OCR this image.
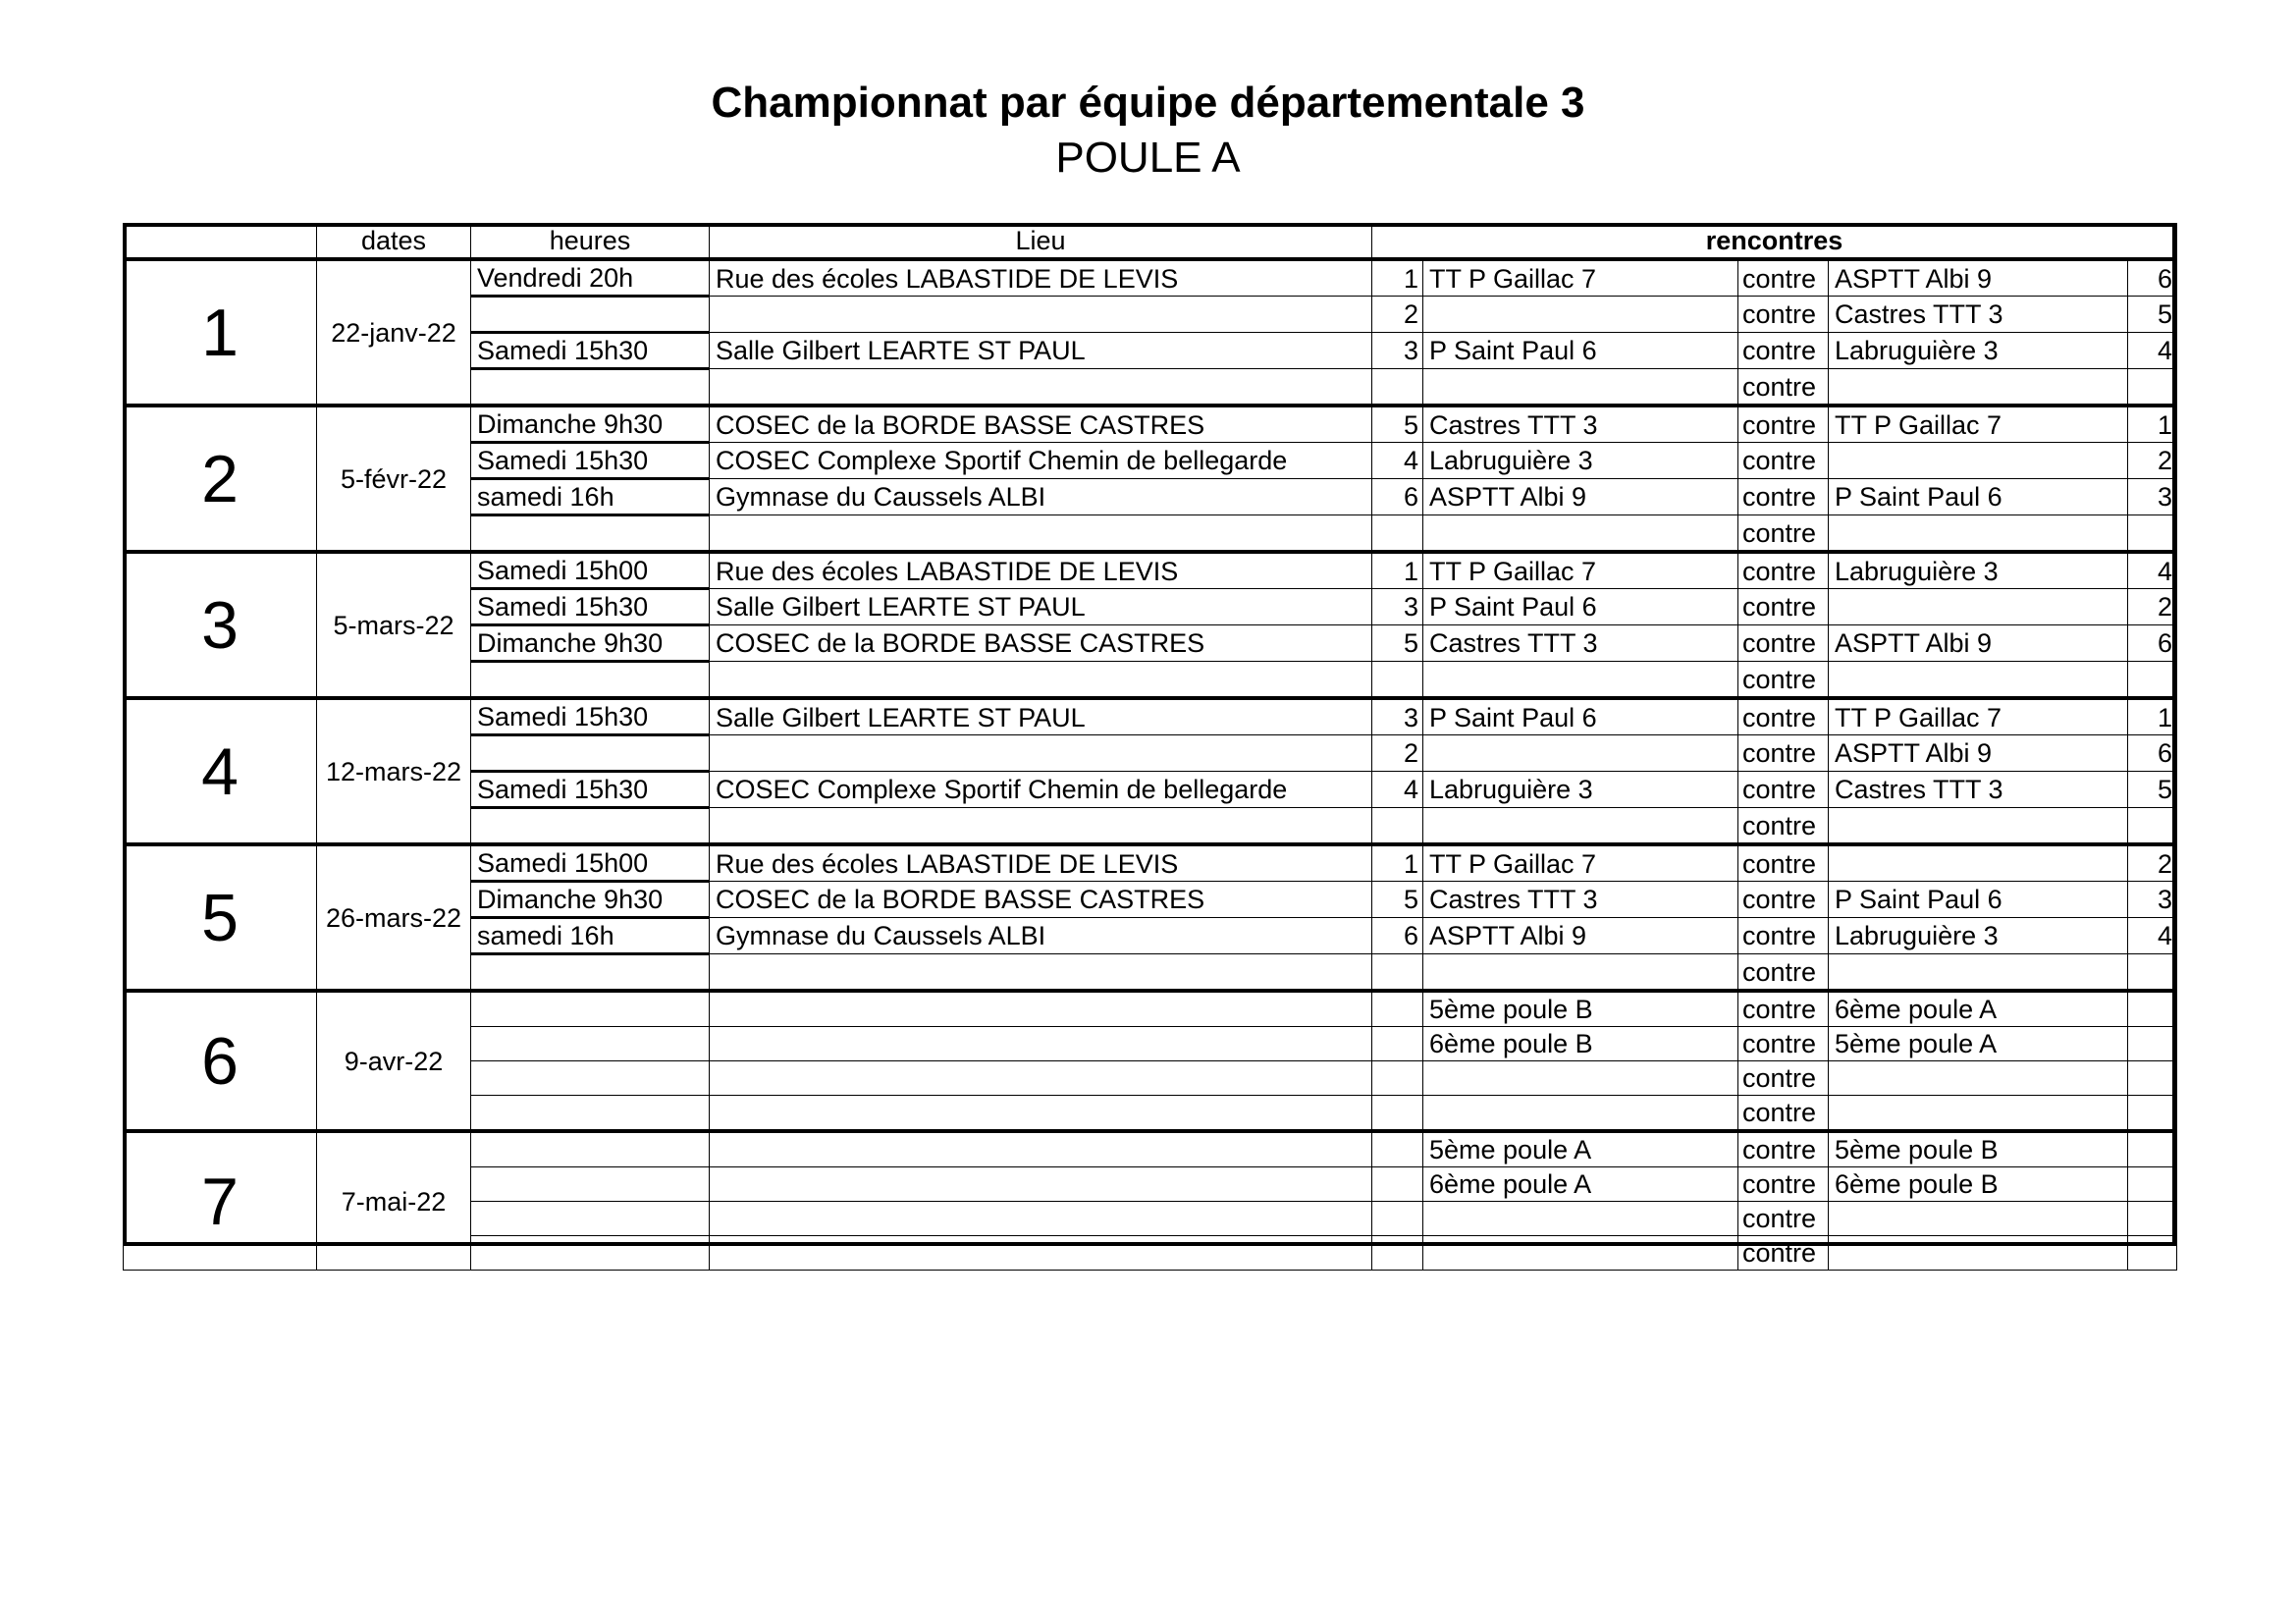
Championnat par équipe départementale 3
POULE A
	dates	heures	Lieu	rencontres				
1	22-janv-22	Vendredi 20h	Rue des écoles LABASTIDE DE LEVIS	1	TT P Gaillac 7	contre	ASPTT Albi 9	6
				2		contre	Castres TTT 3	5
		Samedi 15h30	Salle Gilbert LEARTE ST PAUL	3	P Saint Paul 6	contre	Labruguière 3	4
						contre		
2	5-févr-22	Dimanche 9h30	COSEC de la BORDE BASSE CASTRES	5	Castres TTT 3	contre	TT P Gaillac 7	1
		Samedi 15h30	COSEC Complexe Sportif Chemin de bellegarde	4	Labruguière 3	contre		2
		samedi 16h	Gymnase du Caussels ALBI	6	ASPTT Albi 9	contre	P Saint Paul 6	3
						contre		
3	5-mars-22	Samedi 15h00	Rue des écoles LABASTIDE DE LEVIS	1	TT P Gaillac 7	contre	Labruguière 3	4
		Samedi 15h30	Salle Gilbert LEARTE ST PAUL	3	P Saint Paul 6	contre		2
		Dimanche 9h30	COSEC de la BORDE BASSE CASTRES	5	Castres TTT 3	contre	ASPTT Albi 9	6
						contre		
4	12-mars-22	Samedi 15h30	Salle Gilbert LEARTE ST PAUL	3	P Saint Paul 6	contre	TT P Gaillac 7	1
				2		contre	ASPTT Albi 9	6
		Samedi 15h30	COSEC Complexe Sportif Chemin de bellegarde	4	Labruguière 3	contre	Castres TTT 3	5
						contre		
5	26-mars-22	Samedi 15h00	Rue des écoles LABASTIDE DE LEVIS	1	TT P Gaillac 7	contre		2
		Dimanche 9h30	COSEC de la BORDE BASSE CASTRES	5	Castres TTT 3	contre	P Saint Paul 6	3
		samedi 16h	Gymnase du Caussels ALBI	6	ASPTT Albi 9	contre	Labruguière 3	4
						contre		
6	9-avr-22				5ème poule B	contre	6ème poule A	
					6ème poule B	contre	5ème poule A	
						contre		
						contre		
7	7-mai-22				5ème poule A	contre	5ème poule B	
					6ème poule A	contre	6ème poule B	
						contre		
						contre		
